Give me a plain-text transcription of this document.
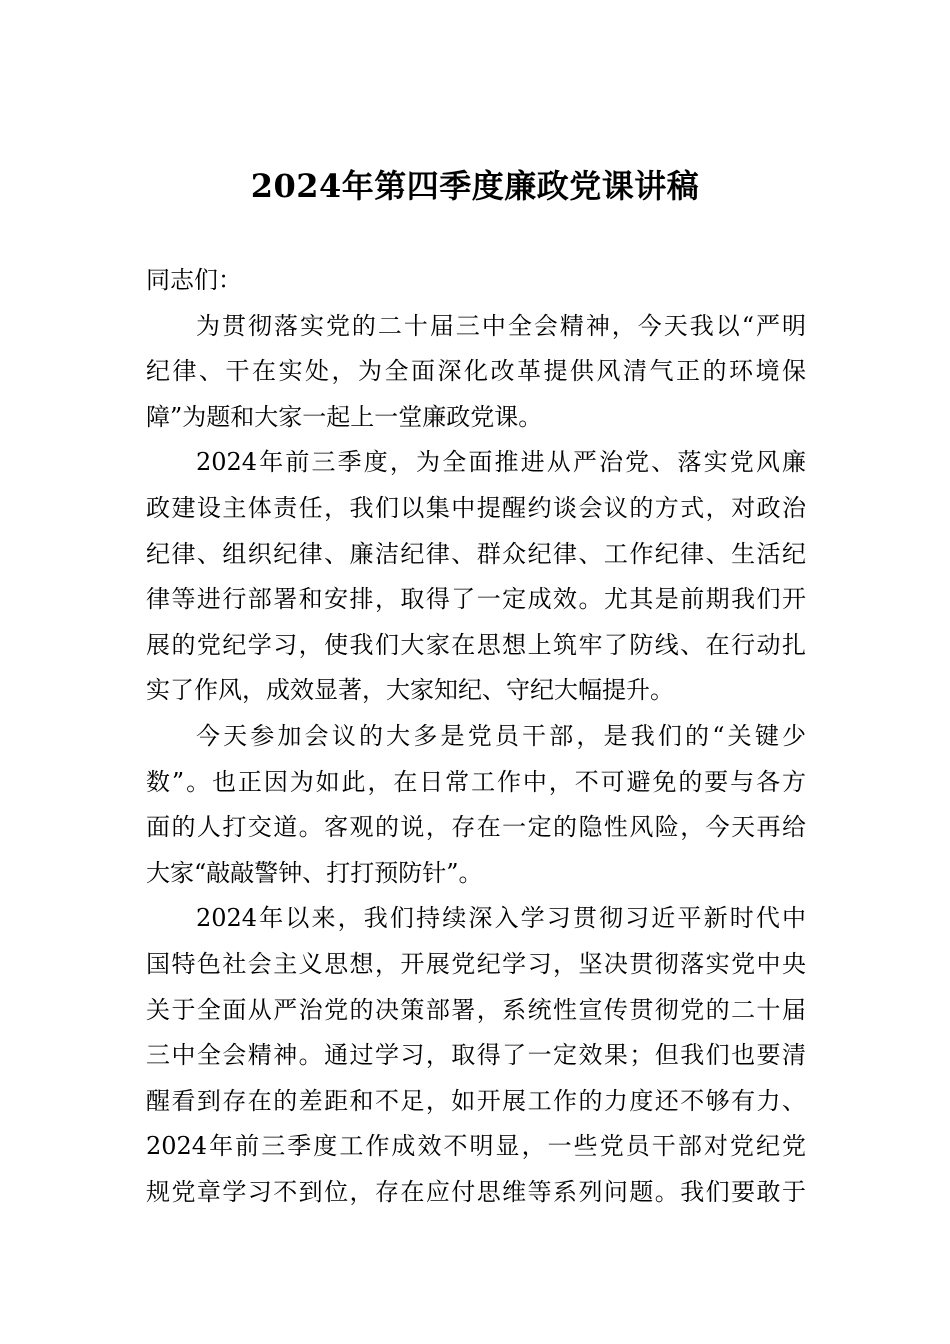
2024年第四季度廉政党课讲稿
同志们：
为贯彻落实党的二十届三中全会精神，今天我以“严明
纪律、干在实处，为全面深化改革提供风清气正的环境保
障”为题和大家一起上一堂廉政党课。
2024年前三季度，为全面推进从严治党、落实党风廉
政建设主体责任，我们以集中提醒约谈会议的方式，对政治
纪律、组织纪律、廉洁纪律、群众纪律、工作纪律、生活纪
律等进行部署和安排，取得了一定成效。尤其是前期我们开
展的党纪学习，使我们大家在思想上筑牢了防线、在行动扎
实了作风，成效显著，大家知纪、守纪大幅提升。
今天参加会议的大多是党员干部，是我们的“关键少
数”。也正因为如此，在日常工作中，不可避免的要与各方
面的人打交道。客观的说，存在一定的隐性风险，今天再给
大家“敲敲警钟、打打预防针”。
2024年以来，我们持续深入学习贯彻习近平新时代中
国特色社会主义思想，开展党纪学习，坚决贯彻落实党中央
关于全面从严治党的决策部署，系统性宣传贯彻党的二十届
三中全会精神。通过学习，取得了一定效果；但我们也要清
醒看到存在的差距和不足，如开展工作的力度还不够有力、
2024年前三季度工作成效不明显，一些党员干部对党纪党
规党章学习不到位，存在应付思维等系列问题。我们要敢于
